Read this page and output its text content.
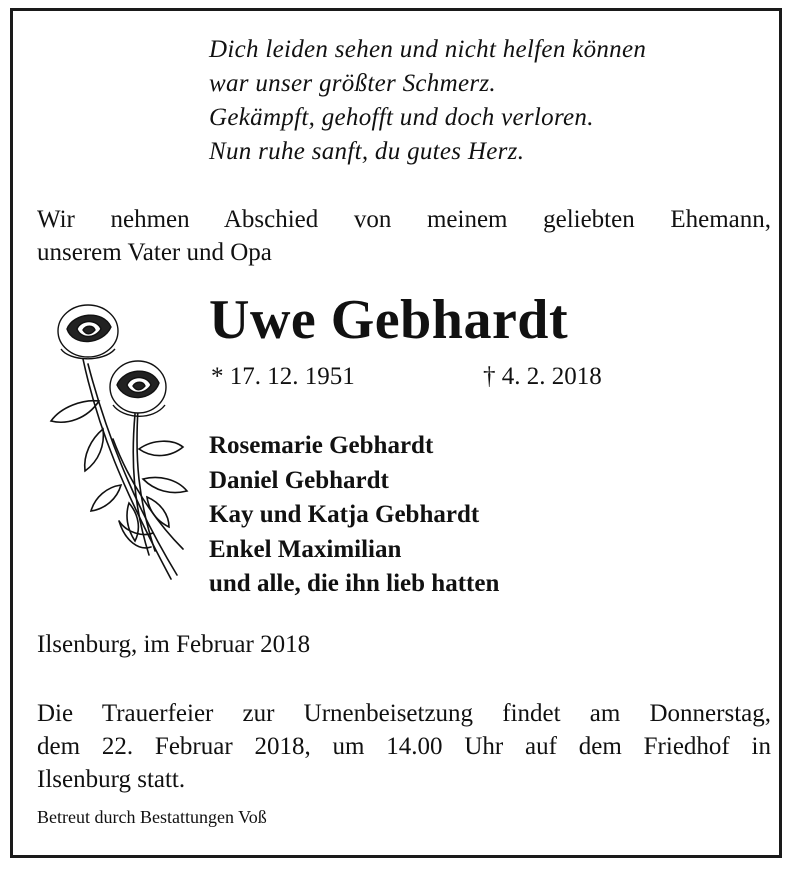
Dich leiden sehen und nicht helfen können
war unser größter Schmerz.
Gekämpft, gehofft und doch verloren.
Nun ruhe sanft, du gutes Herz.

Wir nehmen Abschied von meinem geliebten Ehemann,
unserem Vater und Opa

Uwe Gebhardt
* 17. 12. 1951	† 4. 2. 2018
Rosemarie Gebhardt
Daniel Gebhardt
Kay und Katja Gebhardt
Enkel Maximilian
und alle, die ihn lieb hatten
Ilsenburg, im Februar 2018

Die Trauerfeier zur Urnenbeisetzung findet am Donnerstag,
dem 22. Februar 2018, um 14.00 Uhr auf dem Friedhof in
Ilsenburg statt.

Betreut durch Bestattungen Voß
